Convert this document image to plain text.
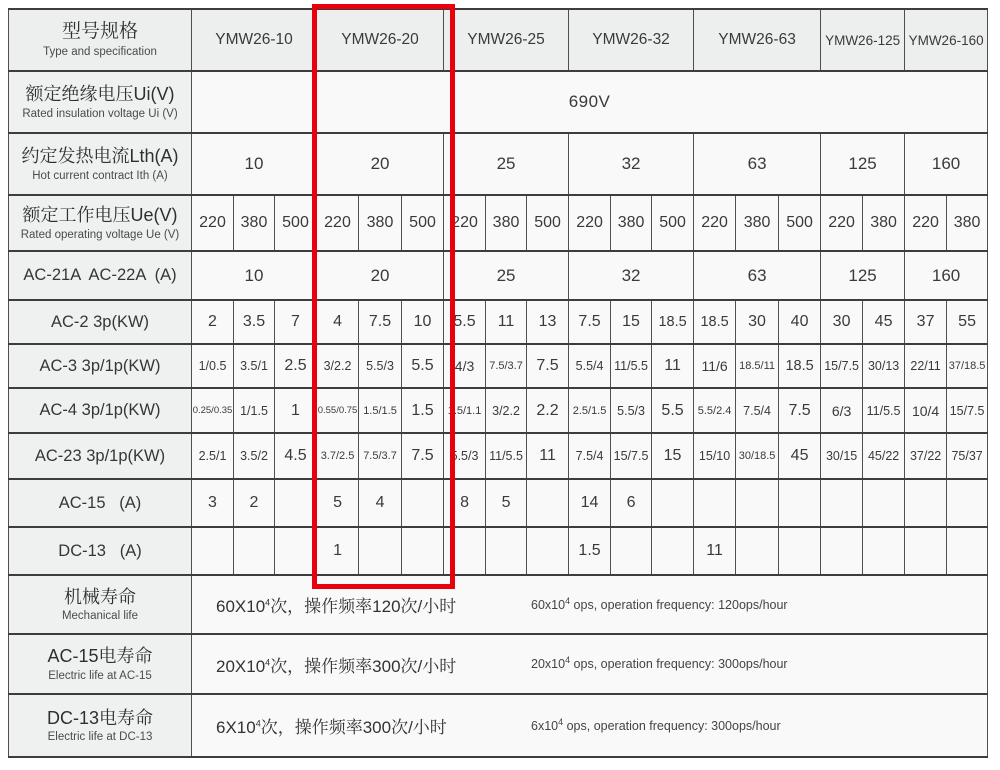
型号规格
Type and specification	YMW26-10			YMW26-20			YMW26-25			YMW26-32			YMW26-63			YMW26-125		YMW26-160	

额定绝缘电压Ui(V)
Rated insulation voltage Ui (V)	690V																		

约定发热电流Lth(A)
Hot current contract Ith (A)	10			20			25			32			63			125		160	

额定工作电压Ue(V)
Rated operating voltage Ue (V)	220	380	500	220	380	500	220	380	500	220	380	500	220	380	500	220	380	220	380

AC-21A  AC-22A  (A)	10			20			25			32			63			125		160	

AC-2 3p(KW)	2	3.5	7	4	7.5	10	5.5	11	13	7.5	15	18.5	18.5	30	40	30	45	37	55

AC-3 3p/1p(KW)	1/0.5	3.5/1	2.5	3/2.2	5.5/3	5.5	4/3	7.5/3.7	7.5	5.5/4	11/5.5	11	11/6	18.5/11	18.5	15/7.5	30/13	22/11	37/18.5

AC-4 3p/1p(KW)	0.25/0.35	1/1.5	1	0.55/0.75	1.5/1.5	1.5	1.5/1.1	3/2.2	2.2	2.5/1.5	5.5/3	5.5	5.5/2.4	7.5/4	7.5	6/3	11/5.5	10/4	15/7.5

AC-23 3p/1p(KW)	2.5/1	3.5/2	4.5	3.7/2.5	7.5/3.7	7.5	5.5/3	11/5.5	11	7.5/4	15/7.5	15	15/10	30/18.5	45	30/15	45/22	37/22	75/37

AC-15   (A)	3	2		5	4		8	5		14	6								

DC-13   (A)				1						1.5			11						

机械寿命
Mechanical life

$60X10^4$次，操作频率120次/小时	$60x10^4$ ops, operation frequency: 120ops/hour

AC-15电寿命
Electric life at AC-15

$20X10^4$次，操作频率300次/小时	$20x10^4$ ops, operation frequency: 300ops/hour

DC-13电寿命
Electric life at DC-13

$6X10^4$次，操作频率300次/小时	$6x10^4$ ops, operation frequency: 300ops/hour
